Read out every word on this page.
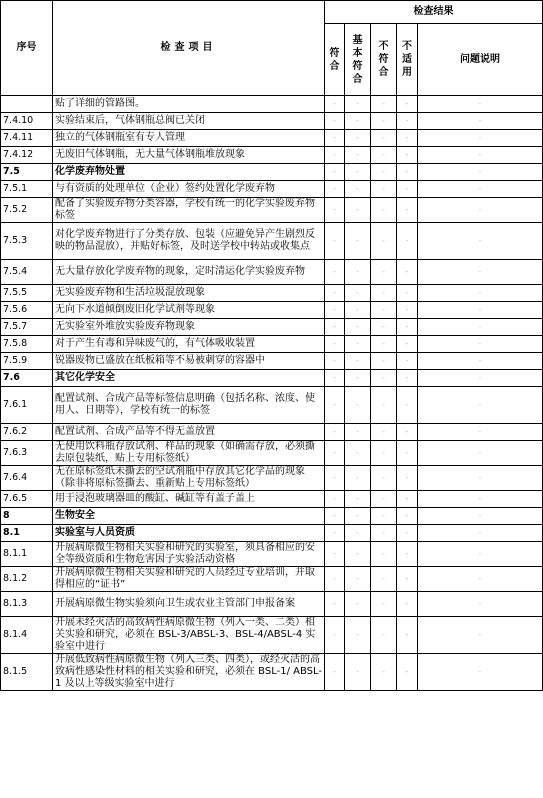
序号	检查项目	检查结果				

		符合	基本符合	不符合	不适用	问题说明
	贴了详细的管路图。	-	-	-	-	-
7.4.10	实验结束后，气体钢瓶总阀已关闭	-	-	-	-	-
7.4.11	独立的气体钢瓶室有专人管理	-	-	-	-	-
7.4.12	无废旧气体钢瓶，无大量气体钢瓶堆放现象	-	-	-	-	-
7.5	化学废弃物处置	-	-	-	-	-
7.5.1	与有资质的处理单位（企业）签约处置化学废弃物	-	-	-	-	-
7.5.2	配备了实验废弃物分类容器，学校有统一的化学实验废弃物标签	-	-	-	-	-
7.5.3	对化学废弃物进行了分类存放、包装（应避免异产生剧烈反映的物品混放），并贴好标签，及时送学校中转站或收集点	-	-	-	-	-
7.5.4	无大量存放化学废弃物的现象，定时清运化学实验废弃物	-	-	-	-	-
7.5.5	无实验废弃物和生活垃圾混放现象	-	-	-	-	-
7.5.6	无向下水道倾倒废旧化学试剂等现象	-	-	-	-	-
7.5.7	无实验室外堆放实验废弃物现象	-	-	-	-	-
7.5.8	对于产生有毒和异味废气的，有气体吸收装置	-	-	-	-	-
7.5.9	锐器废物已盛放在纸板箱等不易被刺穿的容器中	-	-	-	-	-
7.6	其它化学安全	-	-	-	-	-
7.6.1	配置试剂、合成产品等标签信息明确（包括名称、浓度、使用人、日期等），学校有统一的标签	-	-	-	-	-
7.6.2	配置试剂、合成产品等不得无盖放置	-	-	-	-	-
7.6.3	无使用饮料瓶存放试剂、样品的现象（如确需存放，必须撕去原包装纸，贴上专用标签纸）	-	-	-	-	-
7.6.4	无在原标签纸未撕去的空试剂瓶中存放其它化学品的现象（除非将原标签撕去、重新贴上专用标签纸）	-	-	-	-	-
7.6.5	用于浸泡玻璃器皿的酸缸、碱缸等有盖子盖上	-	-	-	-	-
8	生物安全	-	-	-	-	-
8.1	实验室与人员资质	-	-	-	-	-
8.1.1	开展病原微生物相关实验和研究的实验室，须具备相应的安全等级资质和生物危害因子实验活动资格	-	-	-	-	-
8.1.2	开展病原微生物相关实验和研究的人员经过专业培训，并取得相应的“证书”	-	-	-	-	-
8.1.3	开展病原微生物实验须向卫生或农业主管部门申报备案	-	-	-	-	-
8.1.4	开展未经灭活的高致病性病原微生物（列入一类、二类）相关实验和研究，必须在 BSL-3/ABSL-3、BSL-4/ABSL-4 实验室中进行	-	-	-	-	-
8.1.5	开展低致病性病原微生物（列入三类、四类），或经灭活的高致病性感染性材料的相关实验和研究，必须在 BSL-1/ ABSL-1 及以上等级实验室中进行	-	-	-	-	-
